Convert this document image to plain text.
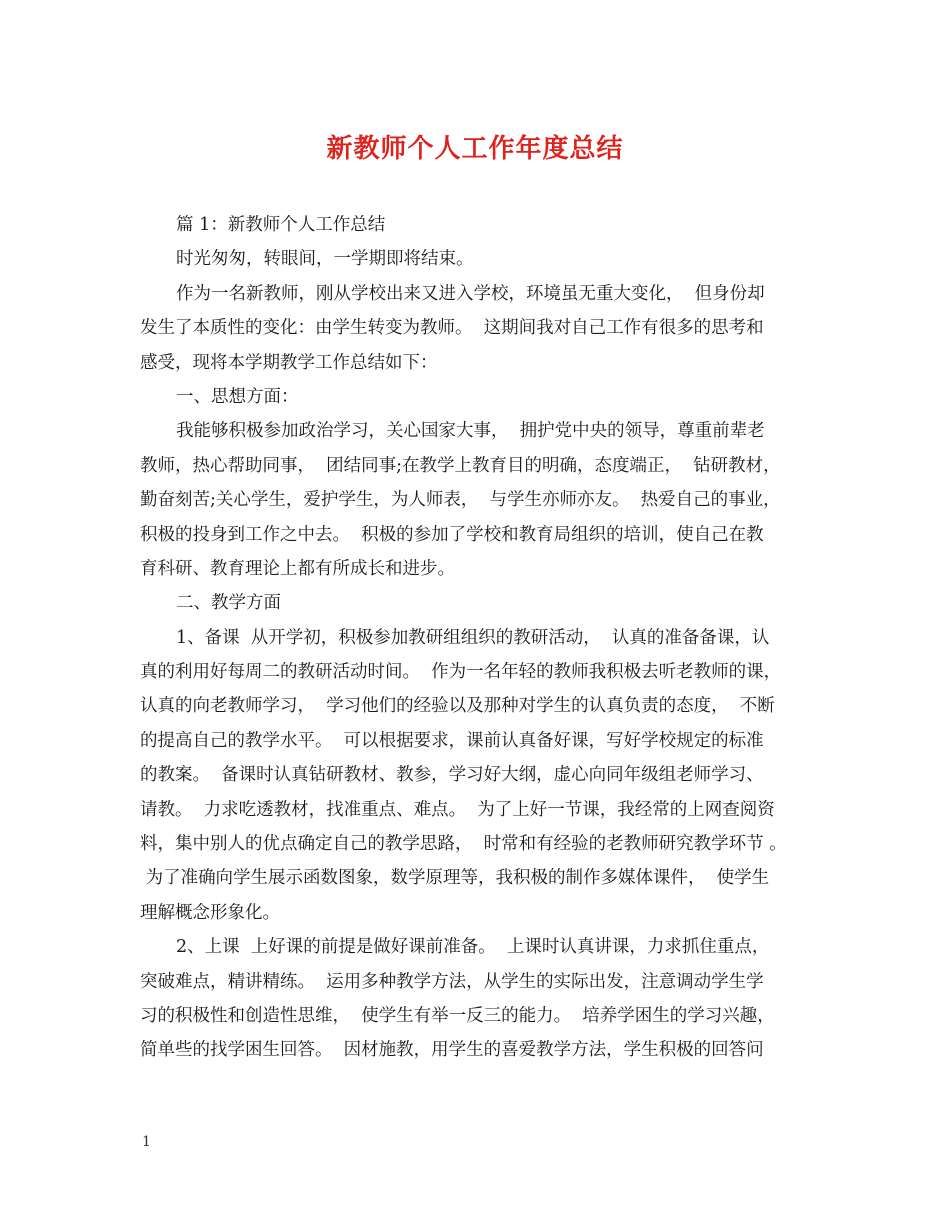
新教师个人工作年度总结
篇 1：新教师个人工作总结
时光匆匆，转眼间，一学期即将结束。
作为一名新教师，刚从学校出来又进入学校，环境虽无重大变化，  但身份却
发生了本质性的变化：由学生转变为教师。  这期间我对自己工作有很多的思考和
感受，现将本学期教学工作总结如下：
一、思想方面：
我能够积极参加政治学习，关心国家大事，  拥护党中央的领导，尊重前辈老
教师，热心帮助同事，  团结同事;在教学上教育目的明确，态度端正，  钻研教材，
勤奋刻苦;关心学生，爱护学生，为人师表，  与学生亦师亦友。  热爱自己的事业，
积极的投身到工作之中去。  积极的参加了学校和教育局组织的培训，使自己在教
育科研、教育理论上都有所成长和进步。
二、教学方面
1、备课  从开学初，积极参加教研组组织的教研活动，  认真的准备备课，认
真的利用好每周二的教研活动时间。  作为一名年轻的教师我积极去听老教师的课，
认真的向老教师学习，  学习他们的经验以及那种对学生的认真负责的态度，  不断
的提高自己的教学水平。  可以根据要求，课前认真备好课，写好学校规定的标准
的教案。  备课时认真钻研教材、教参，学习好大纲，虚心向同年级组老师学习、
请教。  力求吃透教材，找准重点、难点。  为了上好一节课，我经常的上网查阅资
料，集中别人的优点确定自己的教学思路，  时常和有经验的老教师研究教学环节 。
为了准确向学生展示函数图象，数学原理等，我积极的制作多媒体课件，  使学生
理解概念形象化。
2、上课  上好课的前提是做好课前准备。  上课时认真讲课，力求抓住重点，
突破难点，精讲精练。  运用多种教学方法，从学生的实际出发，注意调动学生学
习的积极性和创造性思维，  使学生有举一反三的能力。  培养学困生的学习兴趣，
简单些的找学困生回答。  因材施教，用学生的喜爱教学方法，学生积极的回答问
1
